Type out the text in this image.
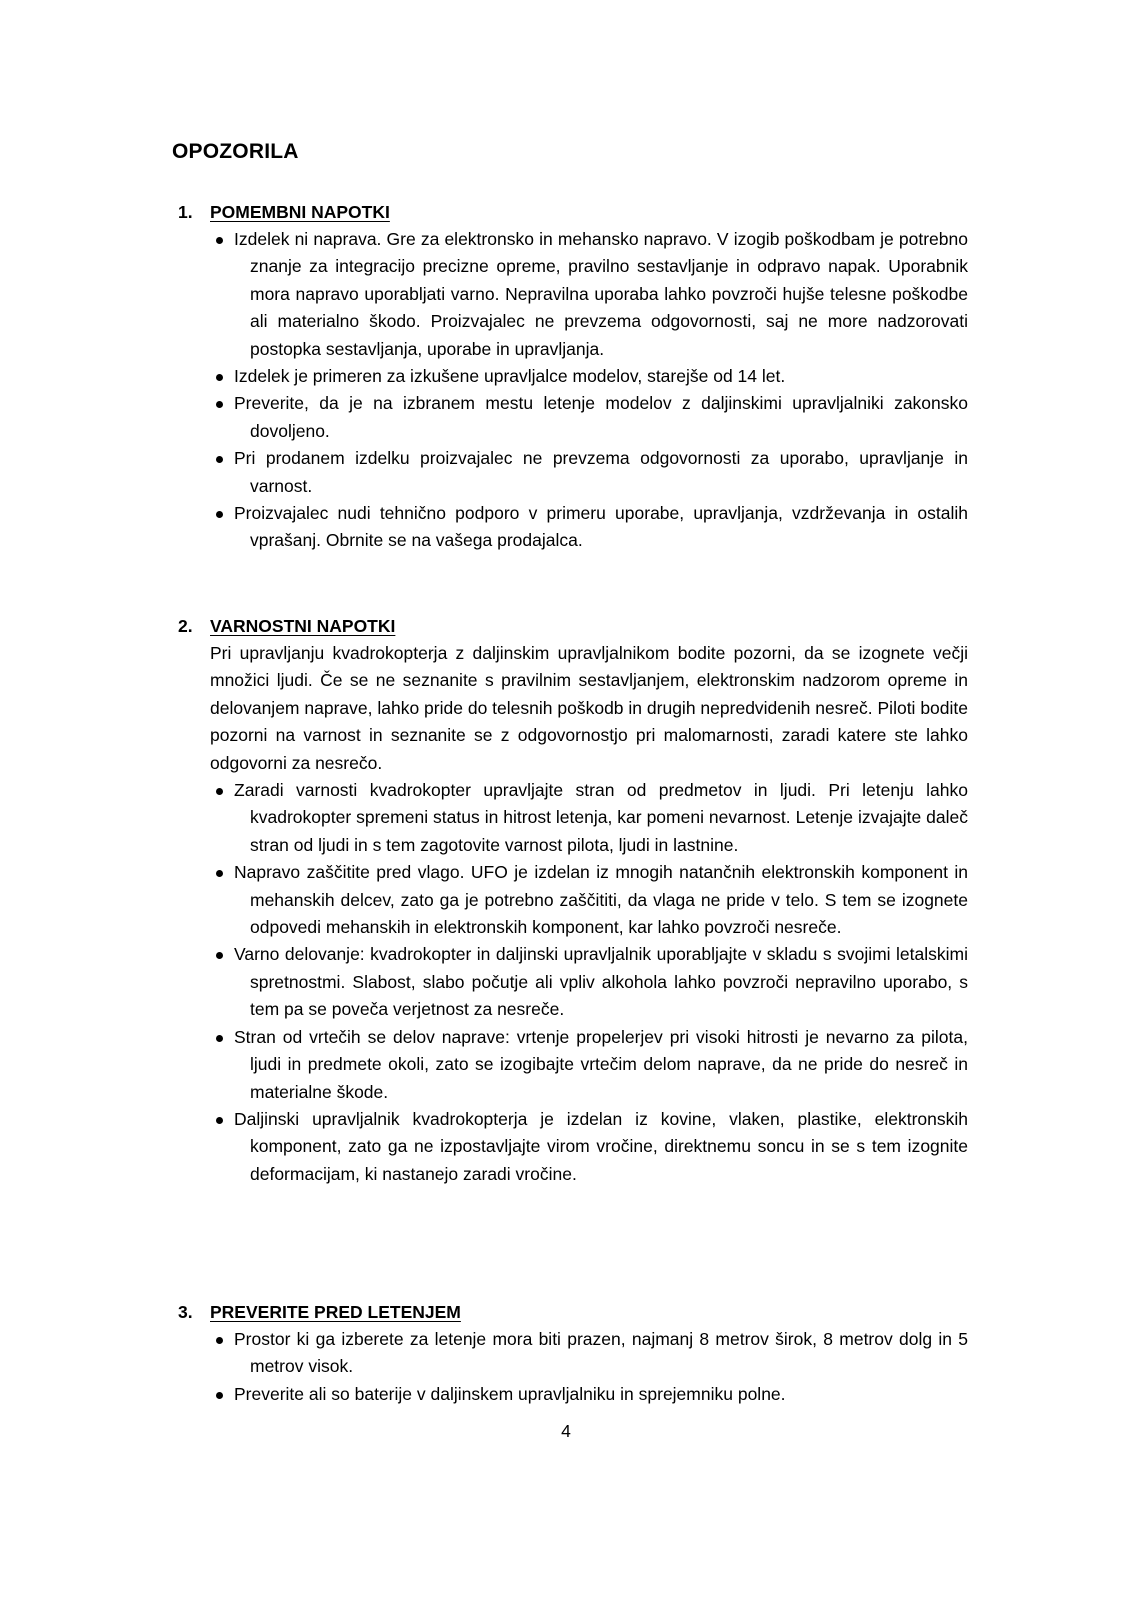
OPOZORILA
1. POMEMBNI NAPOTKI
Izdelek ni naprava. Gre za elektronsko in mehansko napravo. V izogib poškodbam je potrebno znanje za integracijo precizne opreme, pravilno sestavljanje in odpravo napak. Uporabnik mora napravo uporabljati varno. Nepravilna uporaba lahko povzroči hujše telesne poškodbe ali materialno škodo. Proizvajalec ne prevzema odgovornosti, saj ne more nadzorovati postopka sestavljanja, uporabe in upravljanja.
Izdelek je primeren za izkušene upravljalce modelov, starejše od 14 let.
Preverite, da je na izbranem mestu letenje modelov z daljinskimi upravljalniki zakonsko dovoljeno.
Pri prodanem izdelku proizvajalec ne prevzema odgovornosti za uporabo, upravljanje in varnost.
Proizvajalec nudi tehnično podporo v primeru uporabe, upravljanja, vzdrževanja in ostalih vprašanj. Obrnite se na vašega prodajalca.
2. VARNOSTNI NAPOTKI

Pri upravljanju kvadrokopterja z daljinskim upravljalnikom bodite pozorni, da se izognete večji množici ljudi. Če se ne seznanite s pravilnim sestavljanjem, elektronskim nadzorom opreme in delovanjem naprave, lahko pride do telesnih poškodb in drugih nepredvidenih nesreč. Piloti bodite pozorni na varnost in seznanite se z odgovornostjo pri malomarnosti, zaradi katere ste lahko odgovorni za nesrečo.

Zaradi varnosti kvadrokopter upravljajte stran od predmetov in ljudi. Pri letenju lahko kvadrokopter spremeni status in hitrost letenja, kar pomeni nevarnost. Letenje izvajajte daleč stran od ljudi in s tem zagotovite varnost pilota, ljudi in lastnine.
Napravo zaščitite pred vlago. UFO je izdelan iz mnogih natančnih elektronskih komponent in mehanskih delcev, zato ga je potrebno zaščititi, da vlaga ne pride v telo. S tem se izognete odpovedi mehanskih in elektronskih komponent, kar lahko povzroči nesreče.
Varno delovanje: kvadrokopter in daljinski upravljalnik uporabljajte v skladu s svojimi letalskimi spretnostmi. Slabost, slabo počutje ali vpliv alkohola lahko povzroči nepravilno uporabo, s tem pa se poveča verjetnost za nesreče.
Stran od vrtečih se delov naprave: vrtenje propelerjev pri visoki hitrosti je nevarno za pilota, ljudi in predmete okoli, zato se izogibajte vrtečim delom naprave, da ne pride do nesreč in materialne škode.
Daljinski upravljalnik kvadrokopterja je izdelan iz kovine, vlaken, plastike, elektronskih komponent, zato ga ne izpostavljajte virom vročine, direktnemu soncu in se s tem izognite deformacijam, ki nastanejo zaradi vročine.
3. PREVERITE PRED LETENJEM
Prostor ki ga izberete za letenje mora biti prazen, najmanj 8 metrov širok, 8 metrov dolg in 5 metrov visok.
Preverite ali so baterije v daljinskem upravljalniku in sprejemniku polne.

4
